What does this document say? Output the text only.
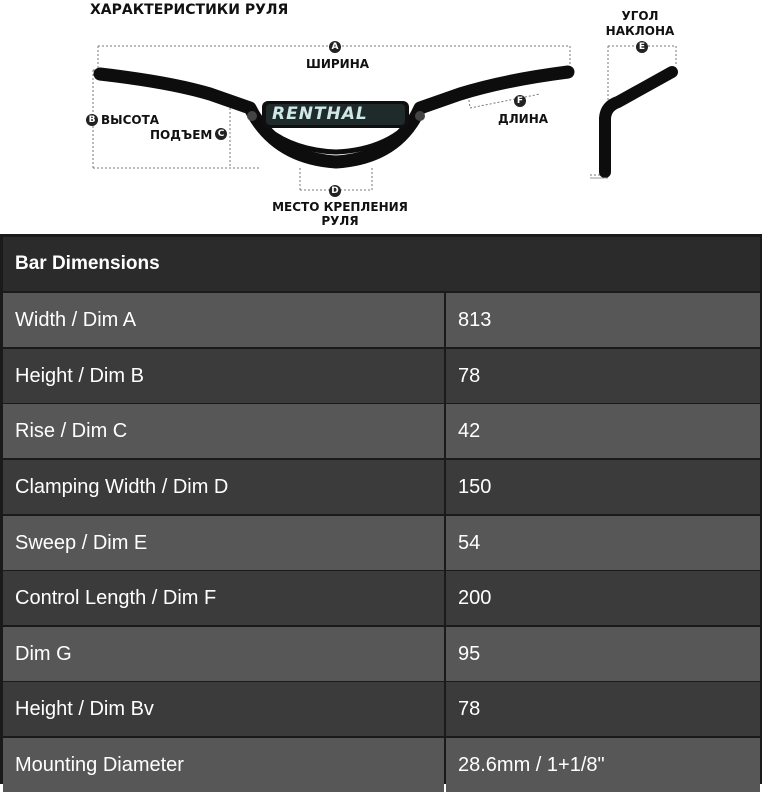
ХАРАКТЕРИСТИКИ РУЛЯ
RENTHAL
A
ШИРИНА
B ВЫСОТА
ПОДЪЕМ C
D
МЕСТО КРЕПЛЕНИЯ
РУЛЯ
F
ДЛИНА
УГОЛ
НАКЛОНА
E
Bar Dimensions
Width / Dim A	813
Height / Dim B	78
Rise / Dim C	42
Clamping Width / Dim D	150
Sweep / Dim E	54
Control Length / Dim F	200
Dim G	95
Height / Dim Bv	78
Mounting Diameter	28.6mm / 1+1/8"
